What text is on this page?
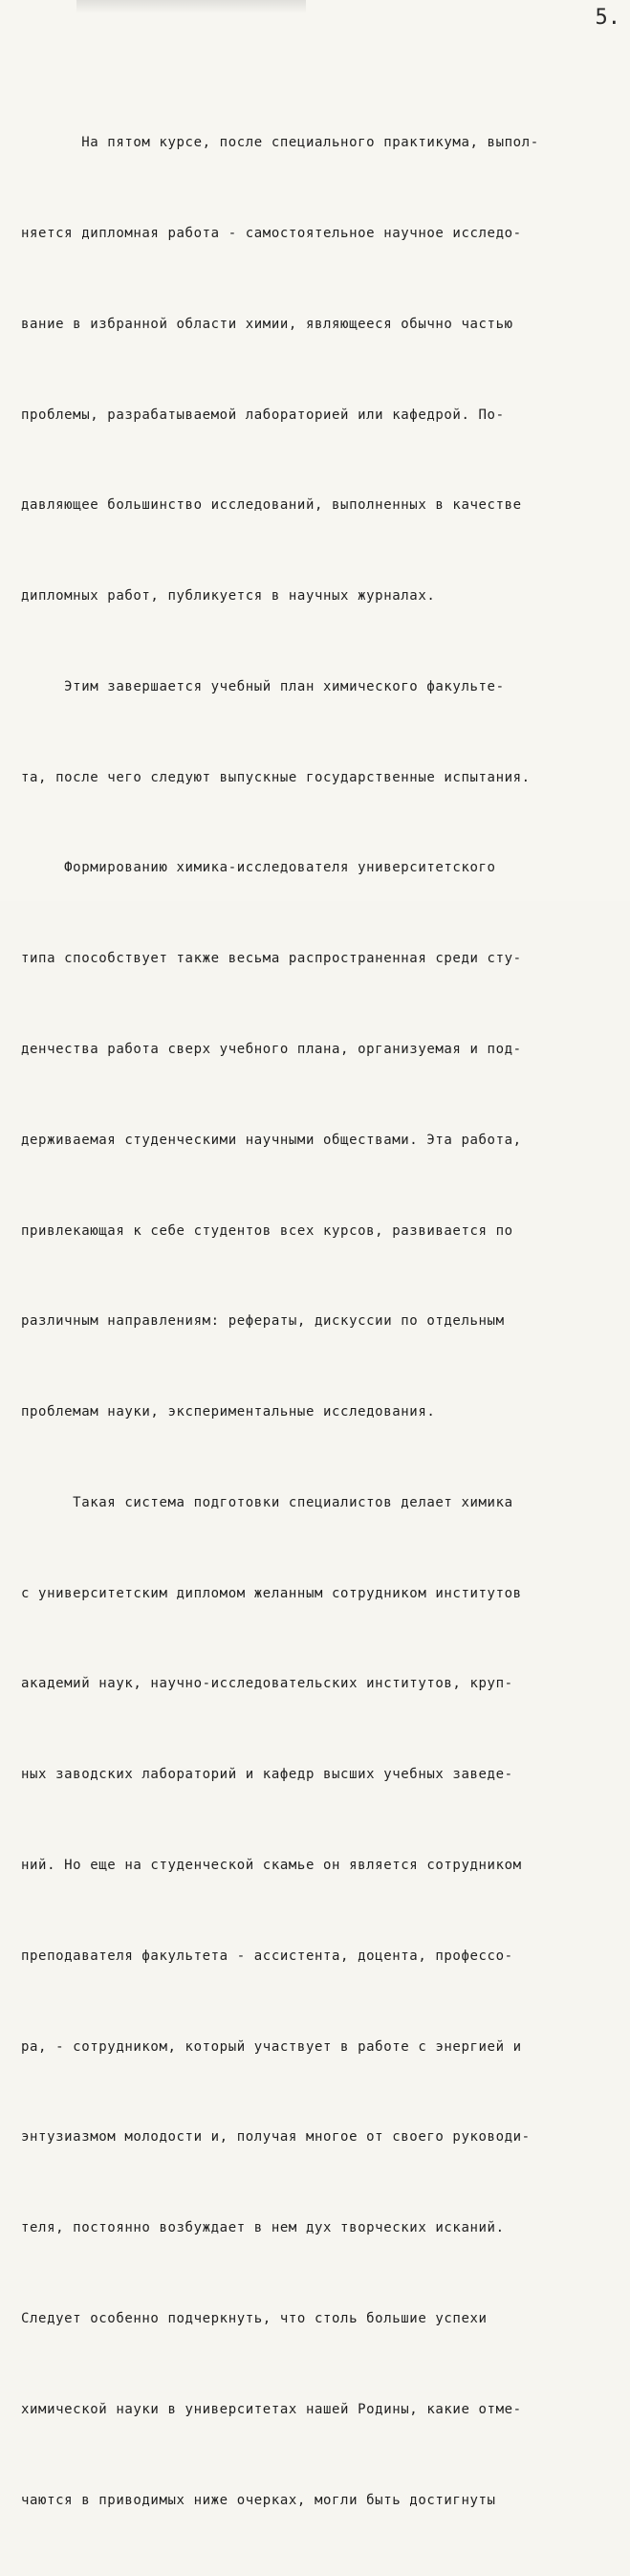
5.

На пятом курсе, после специального практикума, выпол-

няется дипломная работа - самостоятельное научное исследо-

вание в избранной области химии, являющееся обычно частью

проблемы, разрабатываемой лабораторией или кафедрой. По-

давляющее большинство исследований, выполненных в качестве

дипломных работ, публикуется в научных журналах.

Этим завершается учебный план химического факульте-

та, после чего следуют выпускные государственные испытания.

Формированию химика-исследователя университетского

типа способствует также весьма распространенная среди сту-

денчества работа сверх учебного плана, организуемая и под-

держиваемая студенческими научными обществами. Эта работа,

привлекающая к себе студентов всех курсов, развивается по

различным направлениям: рефераты, дискуссии по отдельным

проблемам науки, экспериментальные исследования.

Такая система подготовки специалистов делает химика

с университетским дипломом желанным сотрудником институтов

академий наук, научно-исследовательских институтов, круп-

ных заводских лабораторий и кафедр высших учебных заведе-

ний. Но еще на студенческой скамье он является сотрудником

преподавателя факультета - ассистента, доцента, профессо-

ра, - сотрудником, который участвует в работе с энергией и

энтузиазмом молодости и, получая многое от своего руководи-

теля, постоянно возбуждает в нем дух творческих исканий.

Следует особенно подчеркнуть, что столь большие успехи

химической науки в университетах нашей Родины, какие отме-

чаются в приводимых ниже очерках, могли быть достигнуты
